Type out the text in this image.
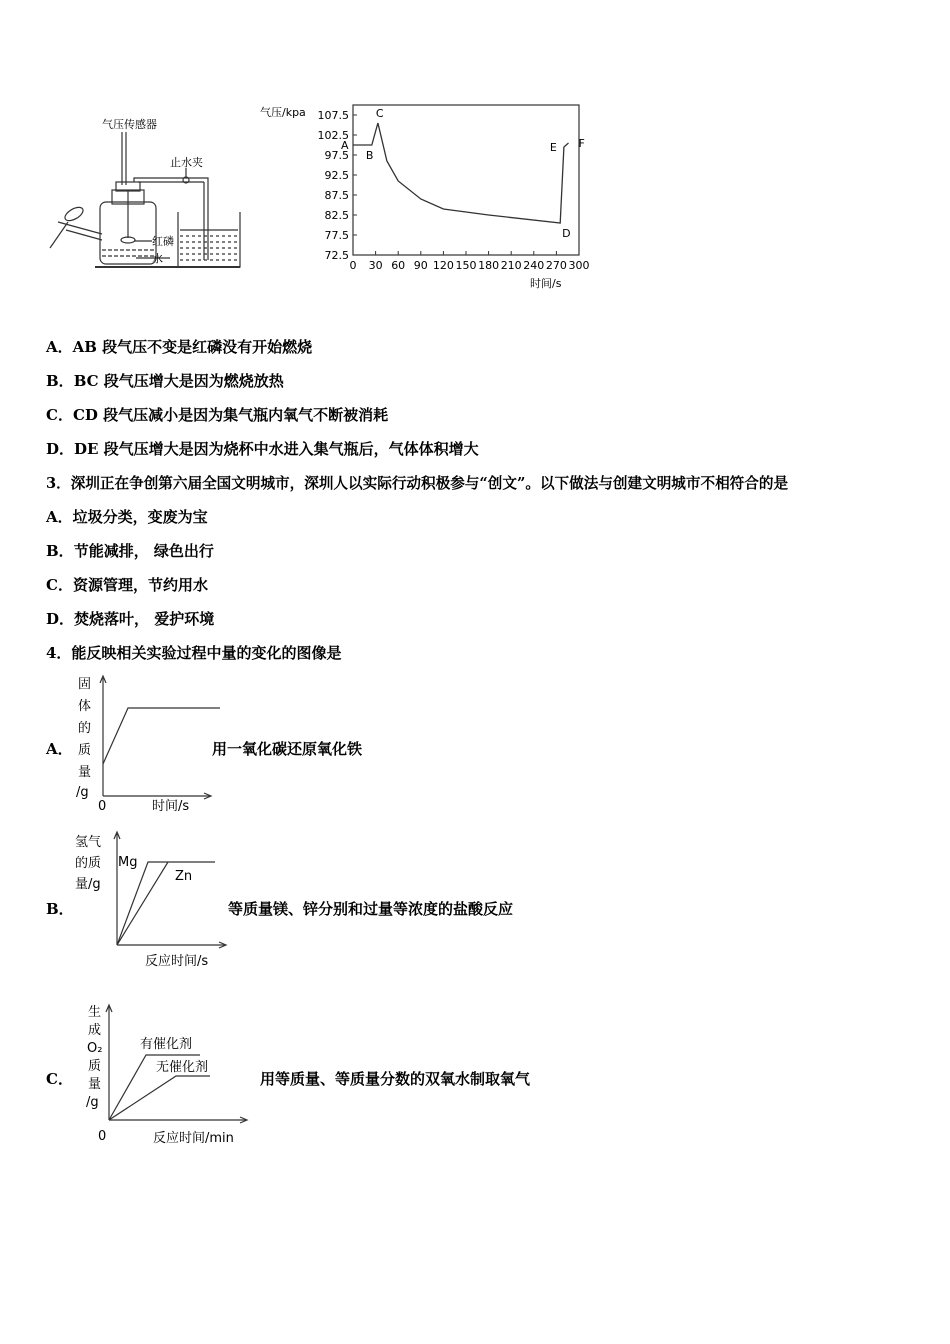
气压传感器
止水夹
红磷
水
气压/kpa
时间/s
107.5
102.5
97.5
92.5
87.5
82.5
77.5
72.5
0 30 60 90 120 150 180 210 240 270 300
A
B
C
D
E F
A．AB 段气压不变是红磷没有开始燃烧
B．BC 段气压增大是因为燃烧放热
C．CD 段气压减小是因为集气瓶内氧气不断被消耗
D．DE 段气压增大是因为烧杯中水进入集气瓶后，气体体积增大
3．深圳正在争创第六届全国文明城市，深圳人以实际行动积极参与“创文”。以下做法与创建文明城市不相符合的是
A．垃圾分类，变废为宝
B．节能减排， 绿色出行
C．资源管理，节约用水
D．焚烧落叶， 爱护环境
4．能反映相关实验过程中量的变化的图像是
A．
固
体
的
质
量
/g
0	时间/s
用一氧化碳还原氧化铁
B．
氢气
的质
量/g
Mg
Zn
反应时间/s
等质量镁、锌分别和过量等浓度的盐酸反应
C．
生
成
O₂
质
量
/g
有催化剂
无催化剂
0	反应时间/min
用等质量、等质量分数的双氧水制取氧气
